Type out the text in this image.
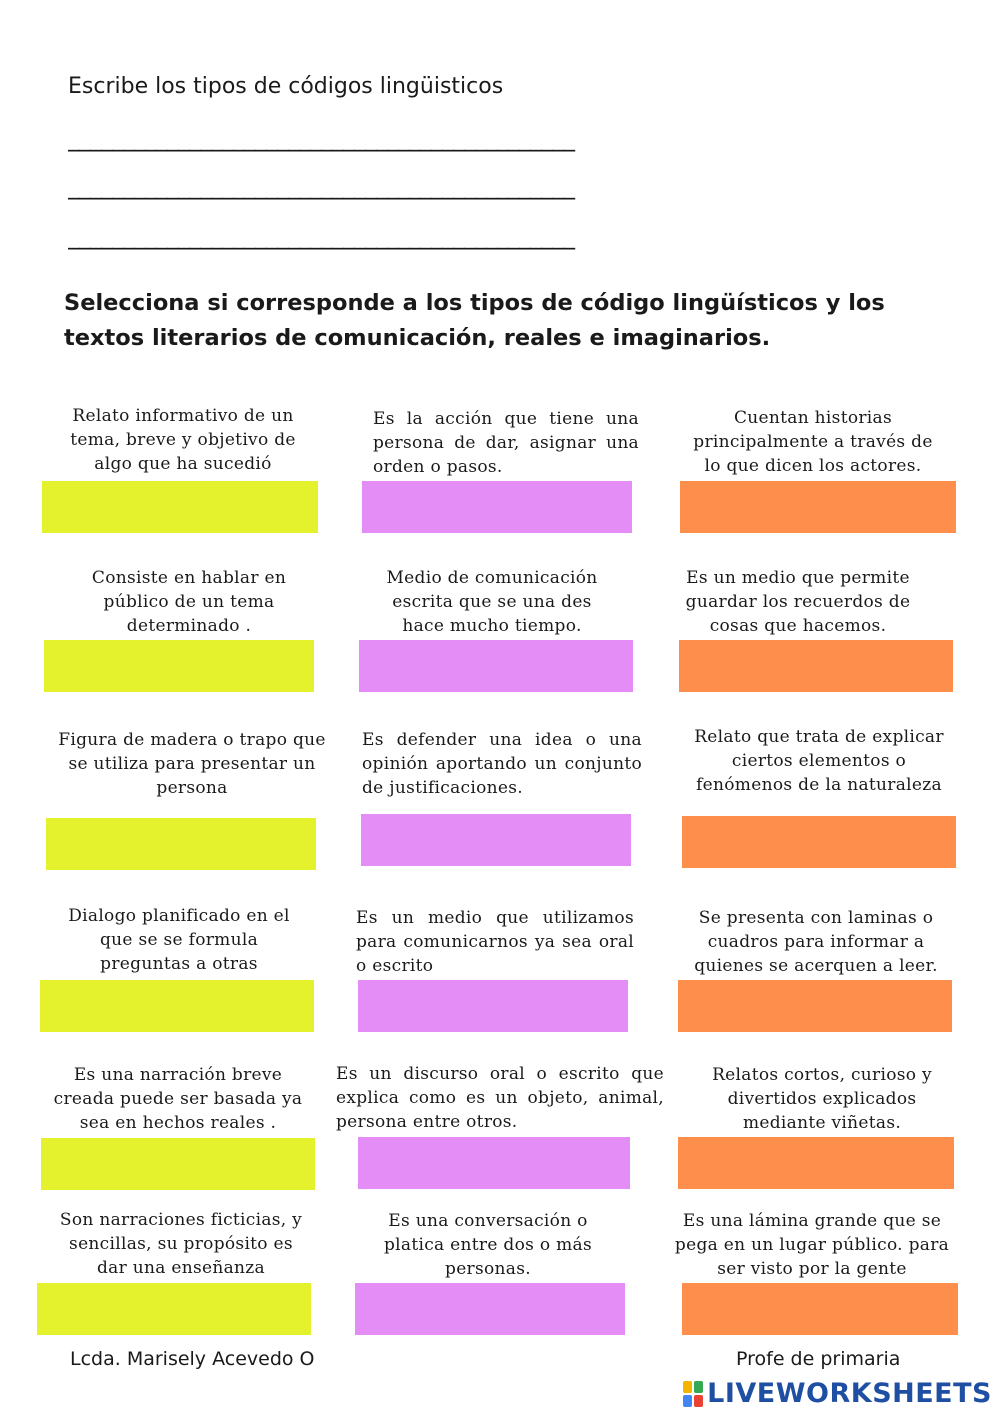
Escribe los tipos de códigos lingüisticos
______________________________________________
______________________________________________
______________________________________________
Selecciona si corresponde a los tipos de código lingüísticos y los textos literarios de comunicación, reales e imaginarios.
Relato informativo de un tema, breve y objetivo de algo que ha sucedió
Es la acción que tiene una persona de dar, asignar una orden o pasos.
Cuentan historias principalmente a través de lo que dicen los actores.
Consiste en hablar en público de un tema determinado .
Medio de comunicación escrita que se una des hace mucho tiempo.
Es un medio que permite guardar los recuerdos de cosas que hacemos.
Figura de madera o trapo que se utiliza para presentar un persona
Es defender una idea o una opinión aportando un conjunto de justificaciones.
Relato que trata de explicar ciertos elementos o fenómenos de la naturaleza
Dialogo planificado en el que se se formula preguntas a otras
Es un medio que utilizamos para comunicarnos ya sea oral o escrito
Se presenta con laminas o cuadros para informar a quienes se acerquen a leer.
Es una narración breve creada puede ser basada ya sea en hechos reales .
Es un discurso oral o escrito que explica como es un objeto, animal, persona entre otros.
Relatos cortos, curioso y divertidos explicados mediante viñetas.
Son narraciones ficticias, y sencillas, su propósito es dar una enseñanza
Es una conversación o platica entre dos o más personas.
Es una lámina grande que se pega en un lugar público. para ser visto por la gente
Lcda. Marisely Acevedo O	Profe de primaria
LIVEWORKSHEETS
